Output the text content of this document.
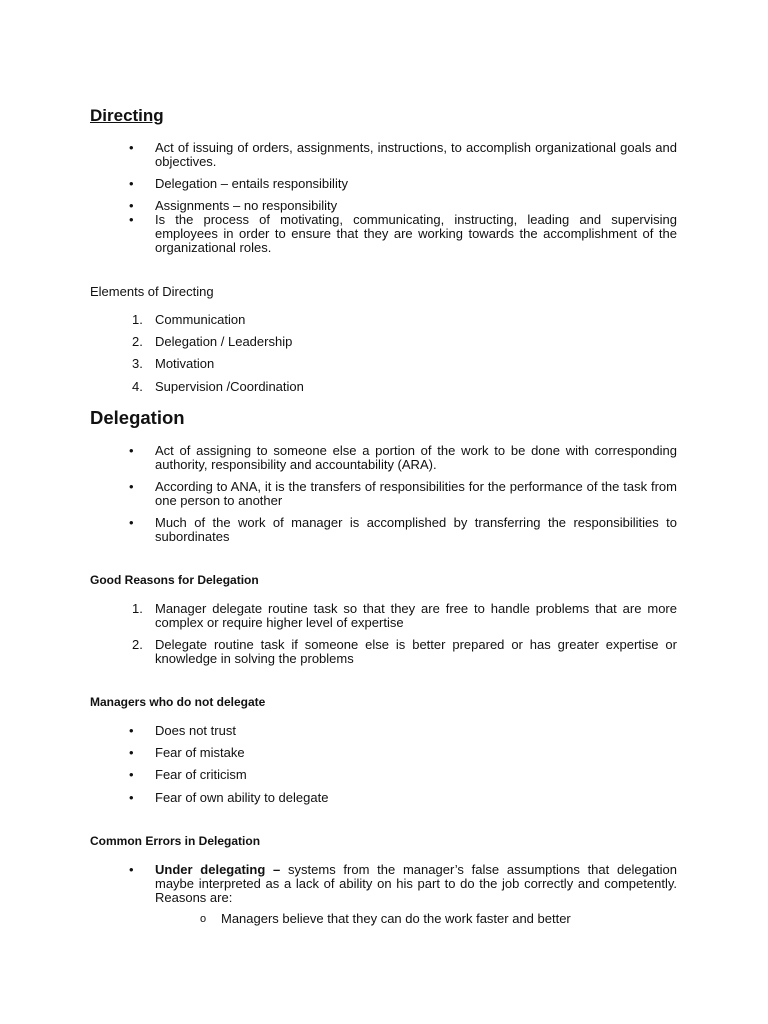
Directing

•	Act of issuing of orders, assignments, instructions, to accomplish organizational goals and objectives.

•	Delegation – entails responsibility

•	Assignments – no responsibility

•	Is the process of motivating, communicating, instructing, leading and supervising employees in order to ensure that they are working towards the accomplishment of the organizational roles.

Elements of Directing

1. Communication

2. Delegation / Leadership

3. Motivation

4. Supervision /Coordination

Delegation

•	Act of assigning to someone else a portion of the work to be done with corresponding authority, responsibility and accountability (ARA).

•	According to ANA, it is the transfers of responsibilities for the performance of the task from one person to another

•	Much of the work of manager is accomplished by transferring the responsibilities to subordinates

Good Reasons for Delegation

1. Manager delegate routine task so that they are free to handle problems that are more complex or require higher level of expertise

2. Delegate routine task if someone else is better prepared or has greater expertise or knowledge in solving the problems

Managers who do not delegate

•	Does not trust

•	Fear of mistake

•	Fear of criticism

•	Fear of own ability to delegate

Common Errors in Delegation

•	Under delegating – systems from the manager’s false assumptions that delegation maybe interpreted as a lack of ability on his part to do the job correctly and competently. Reasons are:

o Managers believe that they can do the work faster and better
